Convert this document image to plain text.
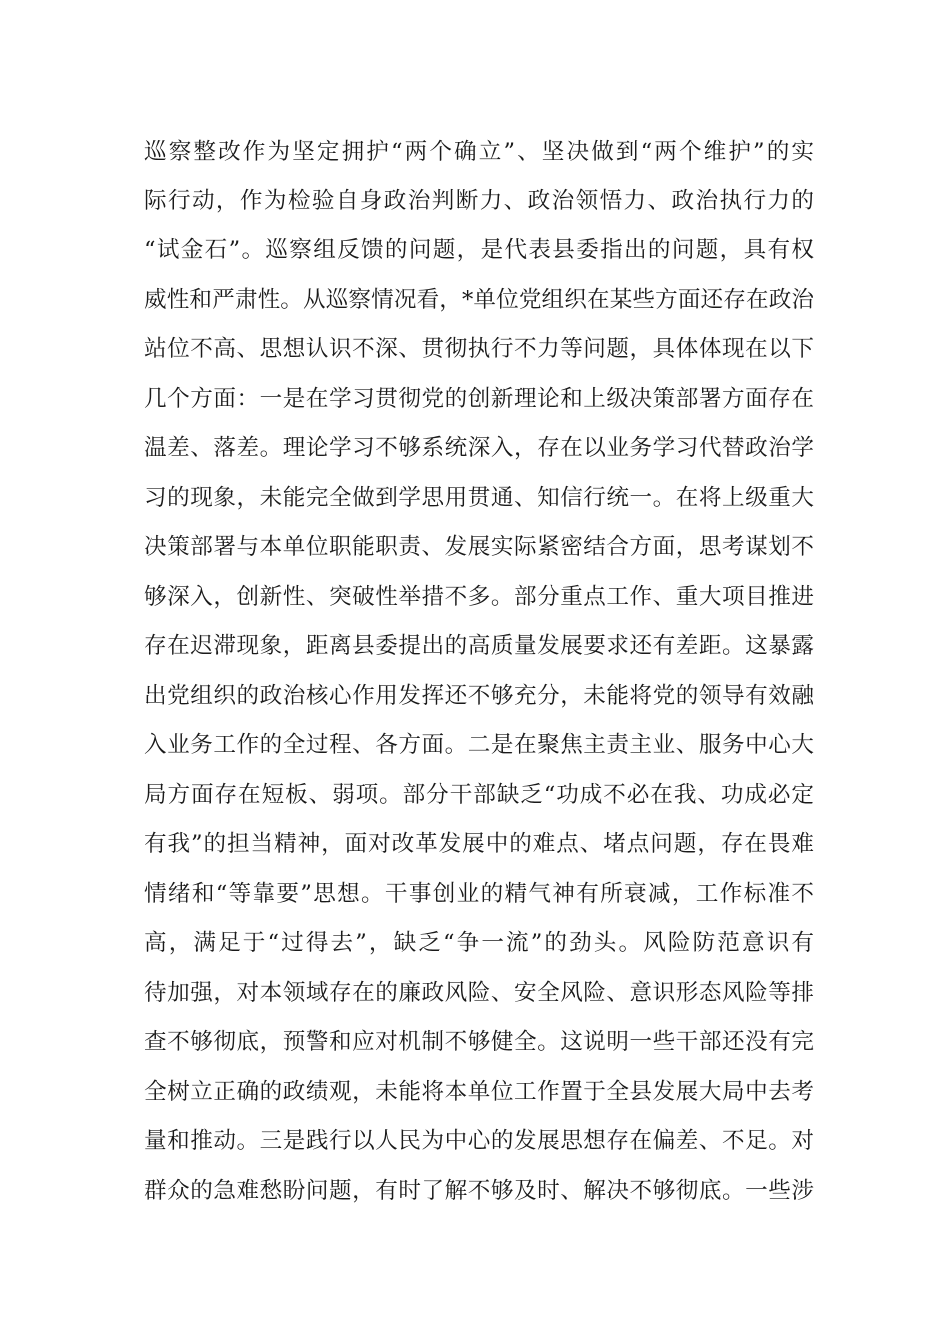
巡察整改作为坚定拥护“两个确立”、坚决做到“两个维护”的实
际行动，作为检验自身政治判断力、政治领悟力、政治执行力的
“试金石”。巡察组反馈的问题，是代表县委指出的问题，具有权
威性和严肃性。从巡察情况看，*单位党组织在某些方面还存在政治
站位不高、思想认识不深、贯彻执行不力等问题，具体体现在以下
几个方面：一是在学习贯彻党的创新理论和上级决策部署方面存在
温差、落差。理论学习不够系统深入，存在以业务学习代替政治学
习的现象，未能完全做到学思用贯通、知信行统一。在将上级重大
决策部署与本单位职能职责、发展实际紧密结合方面，思考谋划不
够深入，创新性、突破性举措不多。部分重点工作、重大项目推进
存在迟滞现象，距离县委提出的高质量发展要求还有差距。这暴露
出党组织的政治核心作用发挥还不够充分，未能将党的领导有效融
入业务工作的全过程、各方面。二是在聚焦主责主业、服务中心大
局方面存在短板、弱项。部分干部缺乏“功成不必在我、功成必定
有我”的担当精神，面对改革发展中的难点、堵点问题，存在畏难
情绪和“等靠要”思想。干事创业的精气神有所衰减，工作标准不
高，满足于“过得去”，缺乏“争一流”的劲头。风险防范意识有
待加强，对本领域存在的廉政风险、安全风险、意识形态风险等排
查不够彻底，预警和应对机制不够健全。这说明一些干部还没有完
全树立正确的政绩观，未能将本单位工作置于全县发展大局中去考
量和推动。三是践行以人民为中心的发展思想存在偏差、不足。对
群众的急难愁盼问题，有时了解不够及时、解决不够彻底。一些涉
